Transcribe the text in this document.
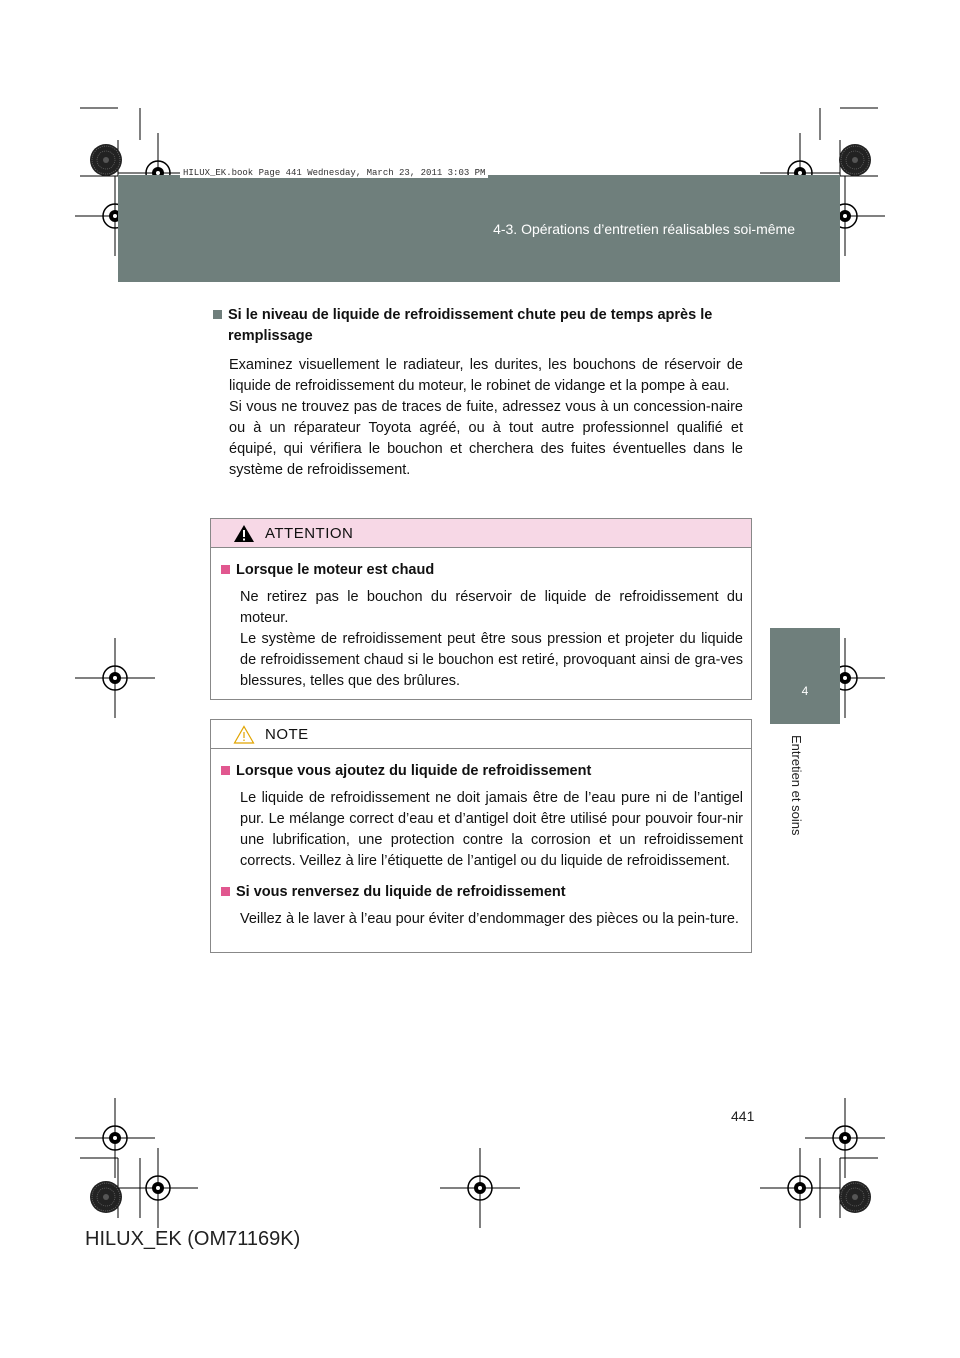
HILUX_EK.book Page 441 Wednesday, March 23, 2011 3:03 PM
4-3. Opérations d’entretien réalisables soi-même
4
Entretien et soins
Si le niveau de liquide de refroidissement chute peu de temps après le remplissage
Examinez visuellement le radiateur, les durites, les bouchons de réservoir de liquide de refroidissement du moteur, le robinet de vidange et la pompe à eau.
Si vous ne trouvez pas de traces de fuite, adressez vous à un concession-naire ou à un réparateur Toyota agréé, ou à tout autre professionnel qualifié et équipé, qui vérifiera le bouchon et cherchera des fuites éventuelles dans le système de refroidissement.
ATTENTION
Lorsque le moteur est chaud
Ne retirez pas le bouchon du réservoir de liquide de refroidissement du moteur.
Le système de refroidissement peut être sous pression et projeter du liquide de refroidissement chaud si le bouchon est retiré, provoquant ainsi de gra-ves blessures, telles que des brûlures.
NOTE
Lorsque vous ajoutez du liquide de refroidissement
Le liquide de refroidissement ne doit jamais être de l’eau pure ni de l’antigel pur. Le mélange correct d’eau et d’antigel doit être utilisé pour pouvoir four-nir une lubrification, une protection contre la corrosion et un refroidissement corrects. Veillez à lire l’étiquette de l’antigel ou du liquide de refroidissement.
Si vous renversez du liquide de refroidissement
Veillez à le laver à l’eau pour éviter d’endommager des pièces ou la pein-ture.
441
HILUX_EK (OM71169K)
